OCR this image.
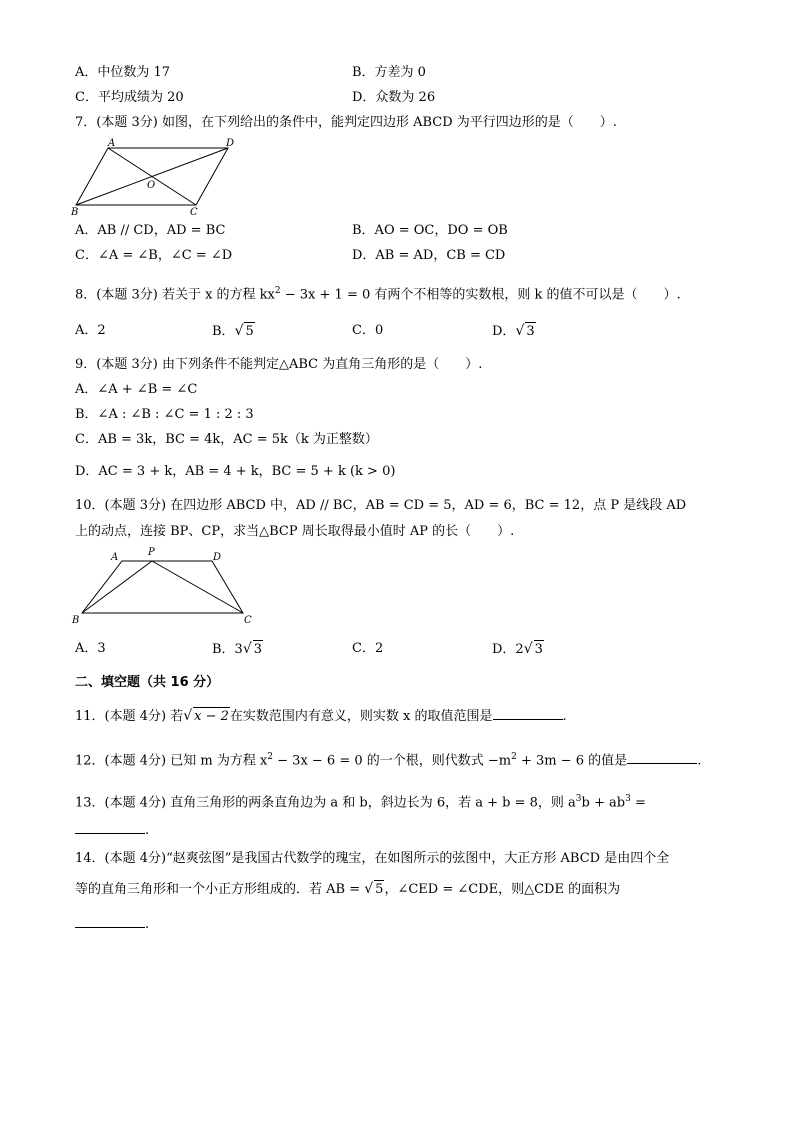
A．中位数为 17	B．方差为 0
C．平均成绩为 20	D．众数为 26
7．(本题 3分) 如图，在下列给出的条件中，能判定四边形 ABCD 为平行四边形的是（　　）.
A	D
B	C
O
A．AB // CD，AD = BC	B．AO = OC，DO = OB
C．∠A = ∠B，∠C = ∠D	D．AB = AD，CB = CD
8．(本题 3分) 若关于 x 的方程 $kx^2 - 3x + 1 = 0$ 有两个不相等的实数根，则 k 的值不可以是（　　）.
A．2	B．√ 5	C．0	D．√ 3
9．(本题 3分) 由下列条件不能判定△ABC 为直角三角形的是（　　）.
A．∠A + ∠B = ∠C
B．∠A : ∠B : ∠C = 1 : 2 : 3
C．AB = 3k，BC = 4k，AC = 5k（k 为正整数）
D．AC = 3 + k，AB = 4 + k，BC = 5 + k (k > 0)
10．(本题 3分) 在四边形 ABCD 中，AD // BC，AB = CD = 5，AD = 6，BC = 12，点 P 是线段 AD
上的动点，连接 BP、CP，求当△BCP 周长取得最小值时 AP 的长（　　）.
A	P	D
B	C
A．3	B．3√ 3	C．2	D．2√ 3
二、填空题（共 16 分）
11．(本题 4分) 若√ x − 2在实数范围内有意义，则实数 x 的取值范围是	.
12．(本题 4分) 已知 m 为方程 $x^2 - 3x - 6 = 0$ 的一个根，则代数式 $-m^2 + 3m - 6$ 的值是	.
13．(本题 4分) 直角三角形的两条直角边为 a 和 b，斜边长为 6，若 a + b = 8，则 $a^3b + ab^3$ =
.
14．(本题 4分)“赵爽弦图”是我国古代数学的瑰宝，在如图所示的弦图中，大正方形 ABCD 是由四个全
等的直角三角形和一个小正方形组成的．若 AB = √ 5，∠CED = ∠CDE，则△CDE 的面积为
.
